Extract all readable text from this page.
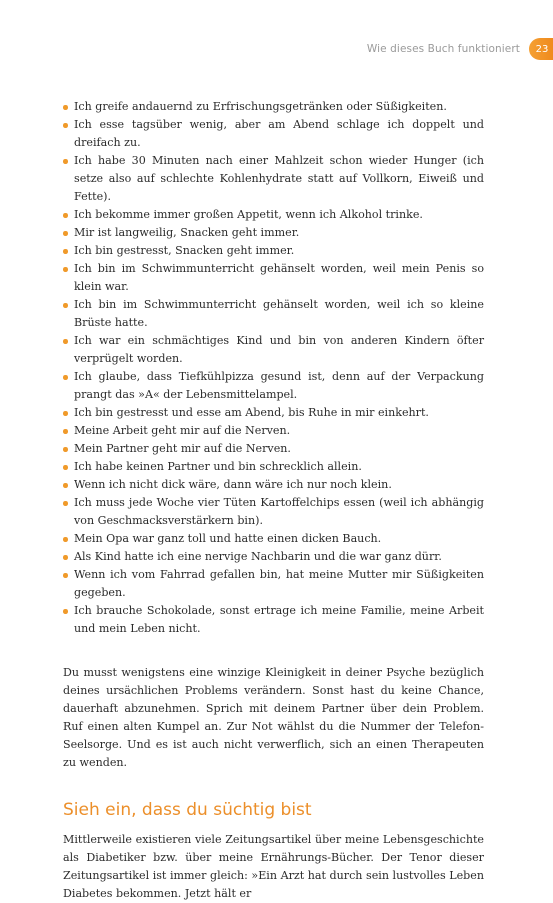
Wie dieses Buch funktioniert	23
Ich greife andauernd zu Erfrischungsgetränken oder Süßigkeiten.
Ich esse tagsüber wenig, aber am Abend schlage ich doppelt und dreifach zu.
Ich habe 30 Minuten nach einer Mahlzeit schon wieder Hunger (ich setze also auf schlechte Kohlenhydrate statt auf Vollkorn, Eiweiß und Fette).
Ich bekomme immer großen Appetit, wenn ich Alkohol trinke.
Mir ist langweilig, Snacken geht immer.
Ich bin gestresst, Snacken geht immer.
Ich bin im Schwimmunterricht gehänselt worden, weil mein Penis so klein war.
Ich bin im Schwimmunterricht gehänselt worden, weil ich so kleine Brüste hatte.
Ich war ein schmächtiges Kind und bin von anderen Kindern öfter verprügelt worden.
Ich glaube, dass Tiefkühlpizza gesund ist, denn auf der Verpackung prangt das »A« der Lebensmittelampel.
Ich bin gestresst und esse am Abend, bis Ruhe in mir einkehrt.
Meine Arbeit geht mir auf die Nerven.
Mein Partner geht mir auf die Nerven.
Ich habe keinen Partner und bin schrecklich allein.
Wenn ich nicht dick wäre, dann wäre ich nur noch klein.
Ich muss jede Woche vier Tüten Kartoffelchips essen (weil ich abhängig von Geschmacksverstärkern bin).
Mein Opa war ganz toll und hatte einen dicken Bauch.
Als Kind hatte ich eine nervige Nachbarin und die war ganz dürr.
Wenn ich vom Fahrrad gefallen bin, hat meine Mutter mir Süßigkeiten gegeben.
Ich brauche Schokolade, sonst ertrage ich meine Familie, meine Arbeit und mein Leben nicht.

Du musst wenigstens eine winzige Kleinigkeit in deiner Psyche bezüglich deines ursächlichen Problems verändern. Sonst hast du keine Chance, dauerhaft abzunehmen. Sprich mit deinem Partner über dein Problem. Ruf einen alten Kumpel an. Zur Not wählst du die Nummer der Telefon-Seelsorge. Und es ist auch nicht verwerflich, sich an einen Therapeuten zu wenden.

Sieh ein, dass du süchtig bist

Mittlerweile existieren viele Zeitungsartikel über meine Lebensgeschichte als Diabetiker bzw. über meine Ernährungs-Bücher. Der Tenor dieser Zeitungsartikel ist immer gleich: »Ein Arzt hat durch sein lustvolles Leben Diabetes bekommen. Jetzt hält er
